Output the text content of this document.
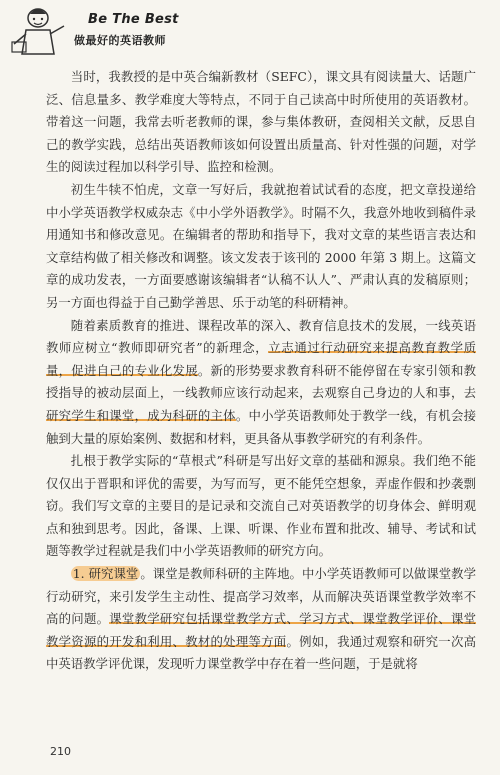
Be The Best
做最好的英语教师

当时，我教授的是中英合编新教材（SEFC），课文具有阅读量大、话题广泛、信息量多、教学难度大等特点，不同于自己读高中时所使用的英语教材。带着这一问题，我常去听老教师的课，参与集体教研，查阅相关文献，反思自己的教学实践，总结出英语教师该如何设置出质量高、针对性强的问题，对学生的阅读过程加以科学引导、监控和检测。

初生牛犊不怕虎，文章一写好后，我就抱着试试看的态度，把文章投递给中小学英语教学权威杂志《中小学外语教学》。时隔不久，我意外地收到稿件录用通知书和修改意见。在编辑者的帮助和指导下，我对文章的某些语言表达和文章结构做了相关修改和调整。该文发表于该刊的 2000 年第 3 期上。这篇文章的成功发表，一方面要感谢该编辑者“认稿不认人”、严肃认真的发稿原则；另一方面也得益于自己勤学善思、乐于动笔的科研精神。

随着素质教育的推进、课程改革的深入、教育信息技术的发展，一线英语教师应树立“教师即研究者”的新理念，立志通过行动研究来提高教育教学质量，促进自己的专业化发展。新的形势要求教育科研不能停留在专家引领和教授指导的被动层面上，一线教师应该行动起来，去观察自己身边的人和事，去研究学生和课堂，成为科研的主体。中小学英语教师处于教学一线，有机会接触到大量的原始案例、数据和材料，更具备从事教学研究的有利条件。

扎根于教学实际的“草根式”科研是写出好文章的基础和源泉。我们绝不能仅仅出于晋职和评优的需要，为写而写，更不能凭空想象，弄虚作假和抄袭剽窃。我们写文章的主要目的是记录和交流自己对英语教学的切身体会、鲜明观点和独到思考。因此，备课、上课、听课、作业布置和批改、辅导、考试和试题等教学过程就是我们中小学英语教师的研究方向。

1. 研究课堂 。课堂是教师科研的主阵地。中小学英语教师可以做课堂教学行动研究，来引发学生主动性、提高学习效率，从而解决英语课堂教学效率不高的问题。课堂教学研究包括课堂教学方式、学习方式、课堂教学评价、课堂教学资源的开发和利用、教材的处理等方面。例如，我通过观察和研究一次高中英语教学评优课，发现听力课堂教学中存在着一些问题，于是就将

210
